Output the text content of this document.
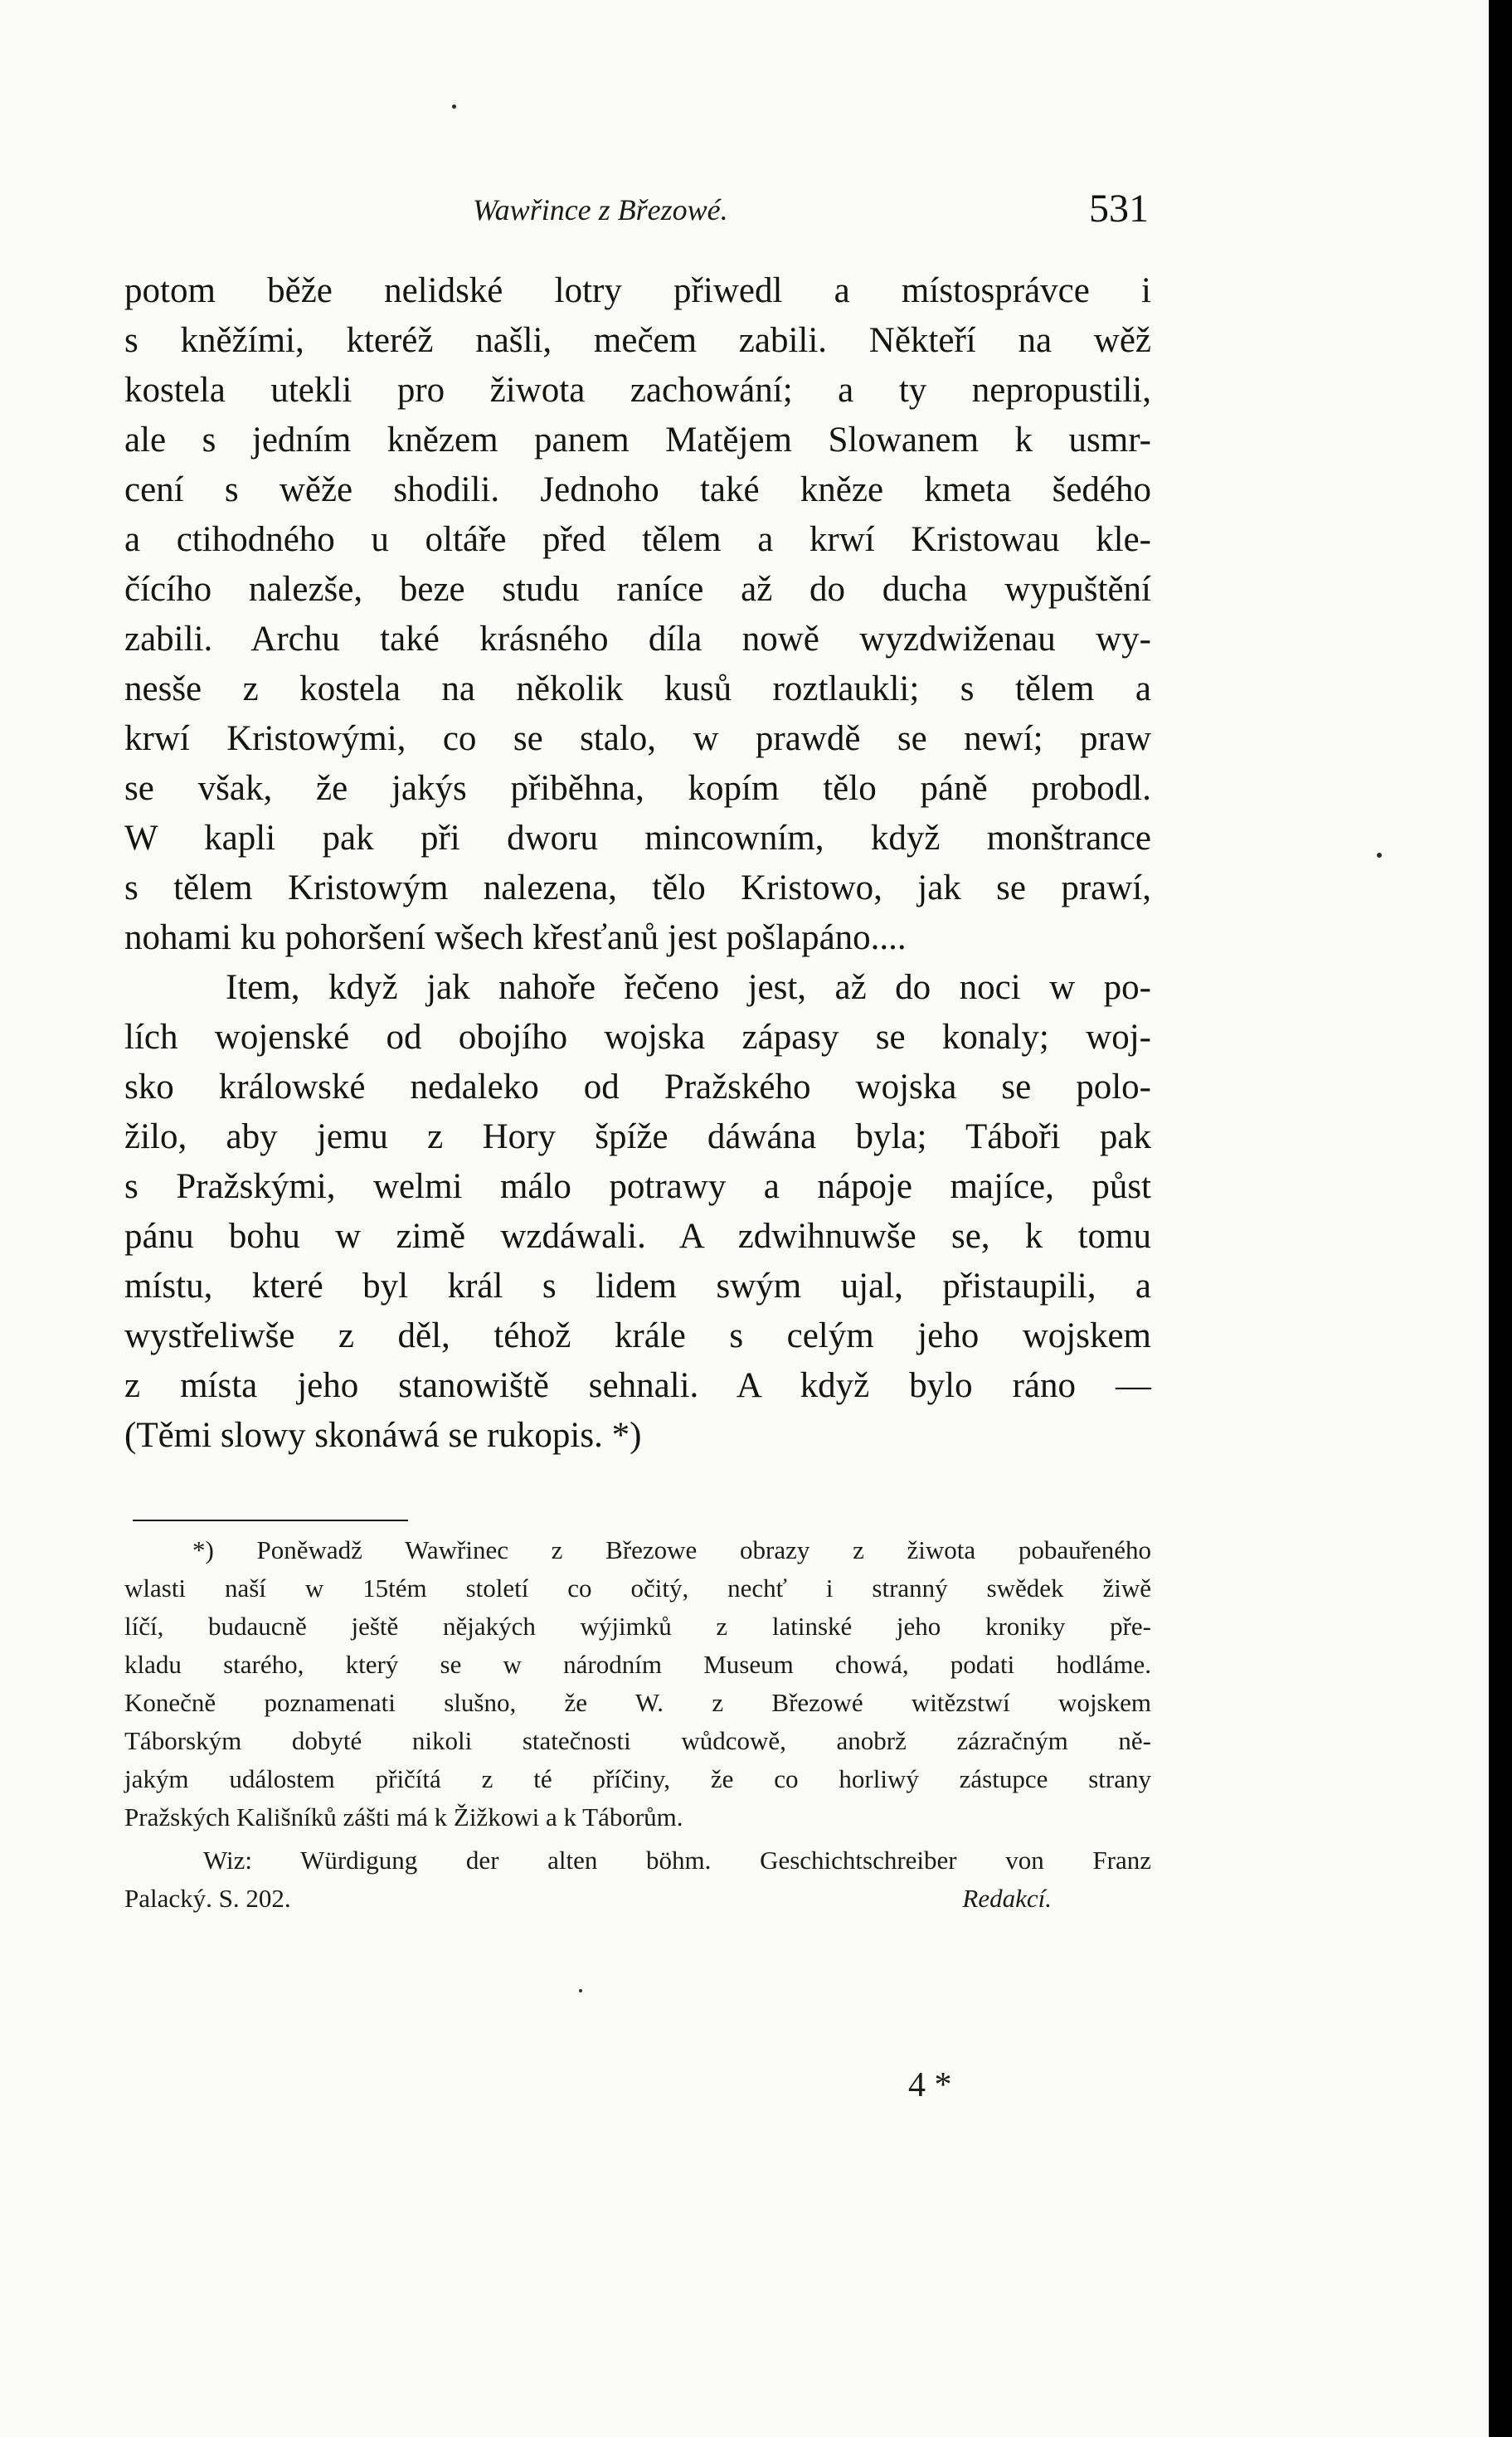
Wawřince z Březowé.	531
potom běže nelidské lotry přiwedl a místosprávce i
s kněžími, kteréž našli, mečem zabili. Někteří na wěž
kostela utekli pro žiwota zachowání; a ty nepropustili,
ale s jedním knězem panem Matějem Slowanem k usmr-
cení s wěže shodili. Jednoho také kněze kmeta šedého
a ctihodného u oltáře před tělem a krwí Kristowau kle-
čícího nalezše, beze studu raníce až do ducha wypuštění
zabili. Archu také krásného díla nowě wyzdwiženau wy-
nesše z kostela na několik kusů roztlaukli; s tělem a
krwí Kristowými, co se stalo, w prawdě se newí; praw
se však, že jakýs přiběhna, kopím tělo páně probodl.
W kapli pak při dworu mincowním, když monštrance
s tělem Kristowým nalezena, tělo Kristowo, jak se prawí,
nohami ku pohoršení wšech křesťanů jest pošlapáno....
Item, když jak nahoře řečeno jest, až do noci w po-
lích wojenské od obojího wojska zápasy se konaly; woj-
sko králowské nedaleko od Pražského wojska se polo-
žilo, aby jemu z Hory špíže dáwána byla; Táboři pak
s Pražskými, welmi málo potrawy a nápoje majíce, půst
pánu bohu w zimě wzdáwali. A zdwihnuwše se, k tomu
místu, které byl král s lidem swým ujal, přistaupili, a
wystřeliwše z děl, téhož krále s celým jeho wojskem
z místa jeho stanowiště sehnali. A když bylo ráno —
(Těmi slowy skonáwá se rukopis. *)
*) Poněwadž Wawřinec z Březowe obrazy z žiwota pobauřeného
wlasti naší w 15tém století co očitý, nechť i stranný swědek žiwě
líčí, budaucně ještě nějakých wýjimků z latinské jeho kroniky pře-
kladu starého, který se w národním Museum chowá, podati hodláme.
Konečně poznamenati slušno, že W. z Březowé witězstwí wojskem
Táborským dobyté nikoli statečnosti wůdcowě, anobrž zázračným ně-
jakým událostem přičítá z té příčiny, že co horliwý zástupce strany
Pražských Kališníků zášti má k Žižkowi a k Táborům.
Wiz: Würdigung der alten böhm. Geschichtschreiber von Franz
Palacký. S. 202.	Redakcí.
4 *
